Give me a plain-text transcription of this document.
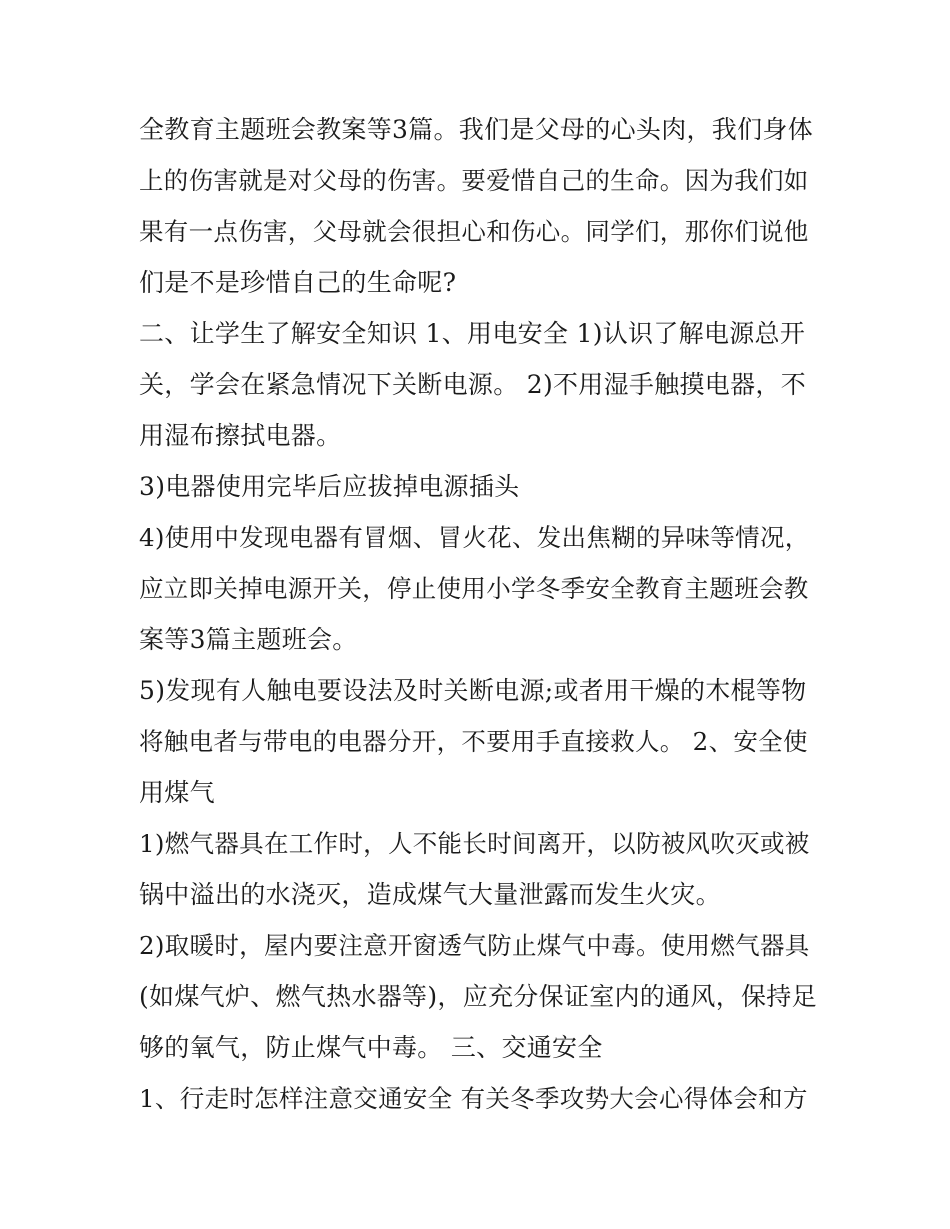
全教育主题班会教案等3篇。我们是父母的心头肉，我们身体
上的伤害就是对父母的伤害。要爱惜自己的生命。因为我们如
果有一点伤害，父母就会很担心和伤心。同学们，那你们说他
们是不是珍惜自己的生命呢?
二、让学生了解安全知识 1、用电安全 1)认识了解电源总开
关，学会在紧急情况下关断电源。 2)不用湿手触摸电器，不
用湿布擦拭电器。
3)电器使用完毕后应拔掉电源插头
4)使用中发现电器有冒烟、冒火花、发出焦糊的异味等情况，
应立即关掉电源开关，停止使用小学冬季安全教育主题班会教
案等3篇主题班会。
5)发现有人触电要设法及时关断电源;或者用干燥的木棍等物
将触电者与带电的电器分开，不要用手直接救人。 2、安全使
用煤气
1)燃气器具在工作时，人不能长时间离开，以防被风吹灭或被
锅中溢出的水浇灭，造成煤气大量泄露而发生火灾。
2)取暖时，屋内要注意开窗透气防止煤气中毒。使用燃气器具
(如煤气炉、燃气热水器等)，应充分保证室内的通风，保持足
够的氧气，防止煤气中毒。 三、交通安全
1、行走时怎样注意交通安全 有关冬季攻势大会心得体会和方
